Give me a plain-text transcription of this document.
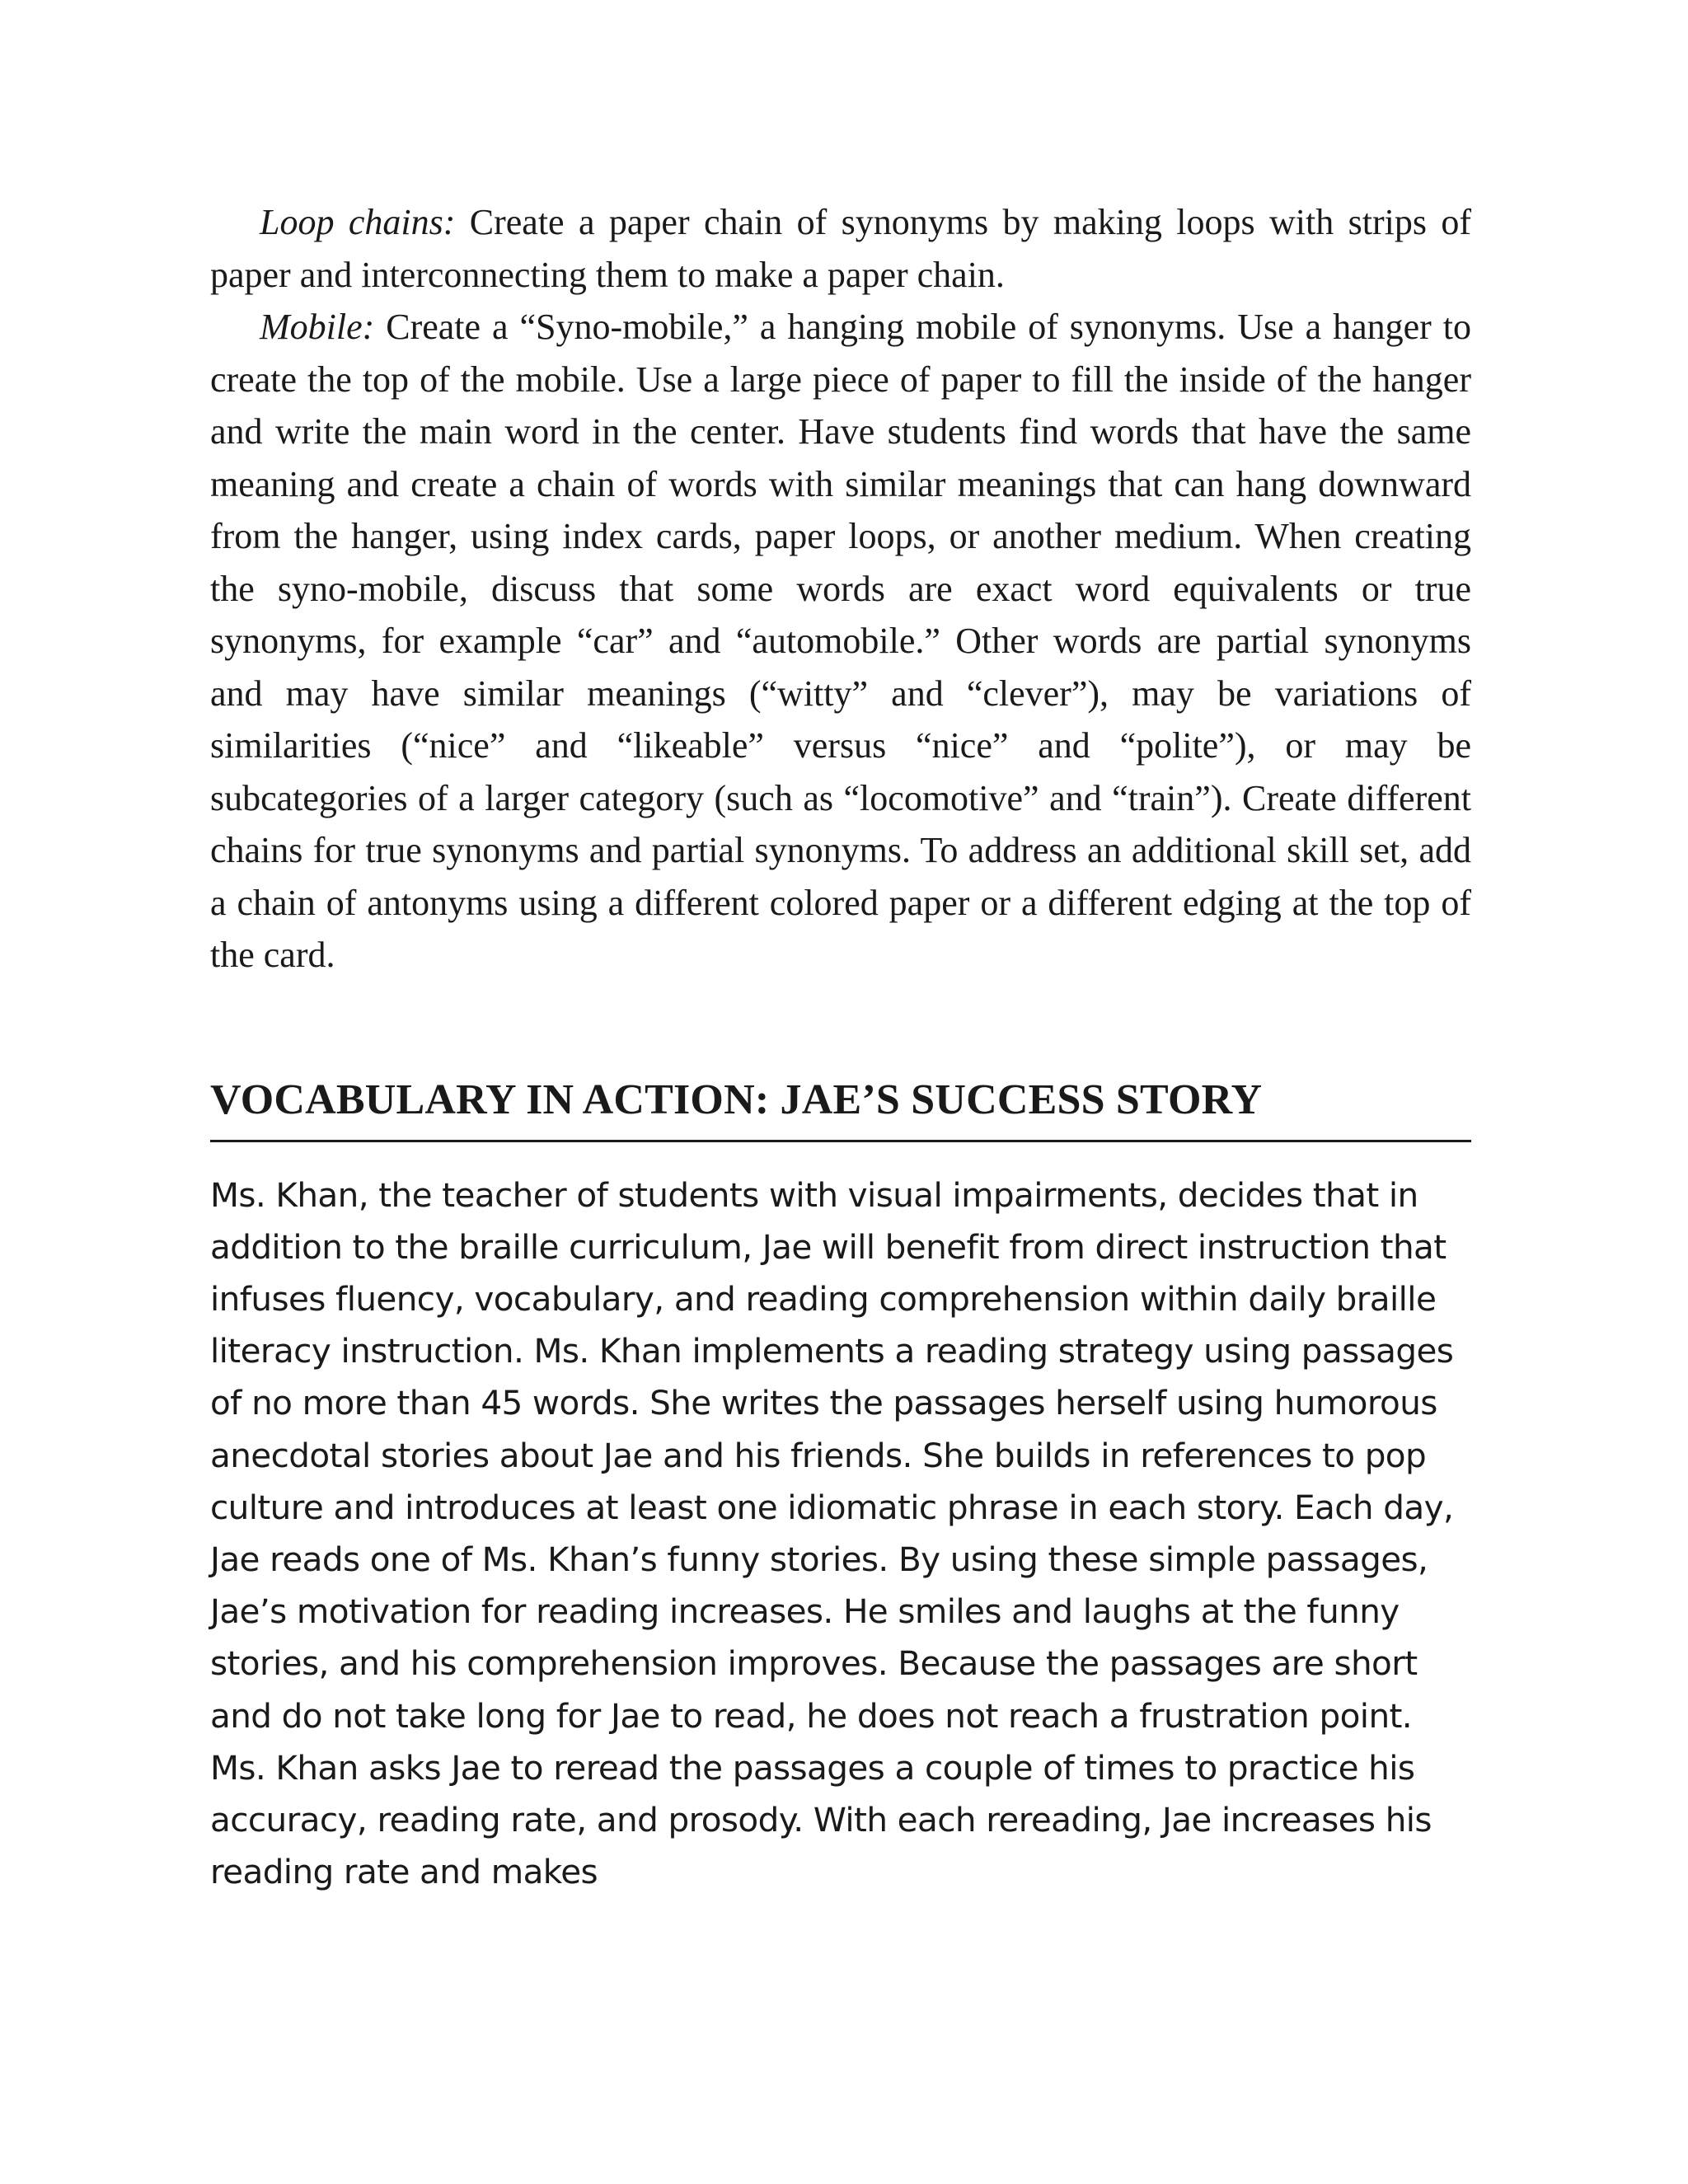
Loop chains: Create a paper chain of synonyms by making loops with strips of paper and interconnecting them to make a paper chain.

Mobile: Create a “Syno-mobile,” a hanging mobile of synonyms. Use a hanger to create the top of the mobile. Use a large piece of paper to fill the inside of the hanger and write the main word in the center. Have students find words that have the same meaning and create a chain of words with similar meanings that can hang downward from the hanger, using index cards, paper loops, or another medium. When creating the syno-mobile, discuss that some words are exact word equivalents or true synonyms, for example “car” and “automobile.” Other words are partial synonyms and may have similar meanings (“witty” and “clever”), may be variations of similarities (“nice” and “likeable” versus “nice” and “polite”), or may be subcategories of a larger category (such as “locomotive” and “train”). Create different chains for true synonyms and partial synonyms. To address an additional skill set, add a chain of antonyms using a different colored paper or a different edging at the top of the card.

VOCABULARY IN ACTION: JAE’S SUCCESS STORY

Ms. Khan, the teacher of students with visual impairments, decides that in addition to the braille curriculum, Jae will benefit from direct instruction that infuses fluency, vocabulary, and reading comprehension within daily braille literacy instruction. Ms. Khan implements a reading strategy using passages of no more than 45 words. She writes the passages herself using humorous anecdotal stories about Jae and his friends. She builds in references to pop culture and introduces at least one idiomatic phrase in each story. Each day, Jae reads one of Ms. Khan’s funny stories. By using these simple passages, Jae’s motivation for reading increases. He smiles and laughs at the funny stories, and his comprehension improves. Because the passages are short and do not take long for Jae to read, he does not reach a frustration point. Ms. Khan asks Jae to reread the passages a couple of times to practice his accuracy, reading rate, and prosody. With each rereading, Jae increases his reading rate and makes
